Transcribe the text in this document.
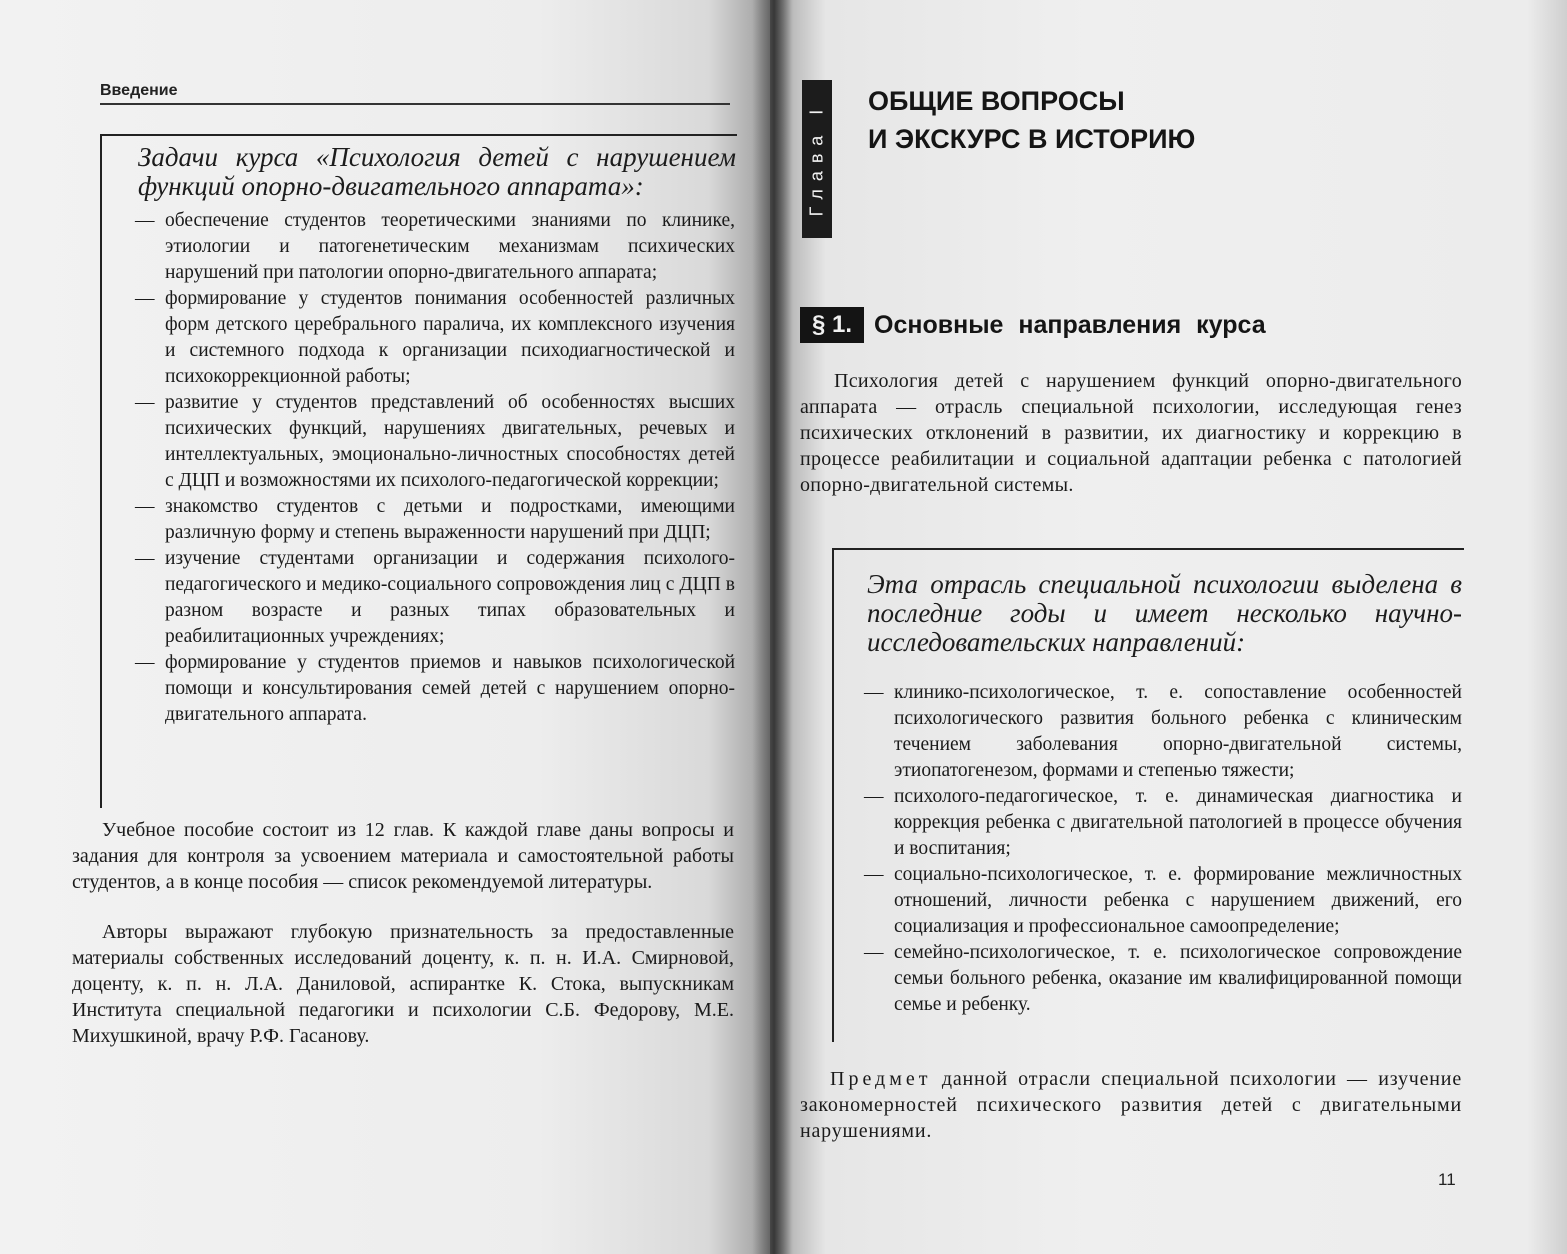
Введение
Задачи курса «Психология детей с нарушением функций опорно-двигательного аппарата»:
— обеспечение студентов теоретическими знаниями по клинике, этиологии и патогенетическим механизмам психических нарушений при патологии опорно-двигательного аппарата;
— формирование у студентов понимания особенностей различных форм детского церебрального паралича, их комплексного изучения и системного подхода к организации психодиагностической и психокоррекционной работы;
— развитие у студентов представлений об особенностях высших психических функций, нарушениях двигательных, речевых и интеллектуальных, эмоционально-личностных способностях детей с ДЦП и возможностями их психолого-педагогической коррекции;
— знакомство студентов с детьми и подростками, имеющими различную форму и степень выраженности нарушений при ДЦП;
— изучение студентами организации и содержания психолого-педагогического и медико-социального сопровождения лиц с ДЦП в разном возрасте и разных типах образовательных и реабилитационных учреждениях;
— формирование у студентов приемов и навыков психологической помощи и консультирования семей детей с нарушением опорно-двигательного аппарата.
Учебное пособие состоит из 12 глав. К каждой главе даны вопросы и задания для контроля за усвоением материала и самостоятельной работы студентов, а в конце пособия — список рекомендуемой литературы.
Авторы выражают глубокую признательность за предоставленные материалы собственных исследований доценту, к. п. н. И.А. Смирновой, доценту, к. п. н. Л.А. Даниловой, аспирантке К. Стока, выпускникам Института специальной педагогики и психологии С.Б. Федорову, М.Е. Михушкиной, врачу Р.Ф. Гасанову.
Глава I
ОБЩИЕ ВОПРОСЫ
И ЭКСКУРС В ИСТОРИЮ
§ 1. Основные направления курса
Психология детей с нарушением функций опорно-двигательного аппарата — отрасль специальной психологии, исследующая генез психических отклонений в развитии, их диагностику и коррекцию в процессе реабилитации и социальной адаптации ребенка с патологией опорно-двигательной системы.
Эта отрасль специальной психологии выделена в последние годы и имеет несколько научно-исследовательских направлений:
— клинико-психологическое, т. е. сопоставление особенностей психологического развития больного ребенка с клиническим течением заболевания опорно-двигательной системы, этиопатогенезом, формами и степенью тяжести;
— психолого-педагогическое, т. е. динамическая диагностика и коррекция ребенка с двигательной патологией в процессе обучения и воспитания;
— социально-психологическое, т. е. формирование межличностных отношений, личности ребенка с нарушением движений, его социализация и профессиональное самоопределение;
— семейно-психологическое, т. е. психологическое сопровождение семьи больного ребенка, оказание им квалифицированной помощи семье и ребенку.
Предмет данной отрасли специальной психологии — изучение закономерностей психического развития детей с двигательными нарушениями.
11
